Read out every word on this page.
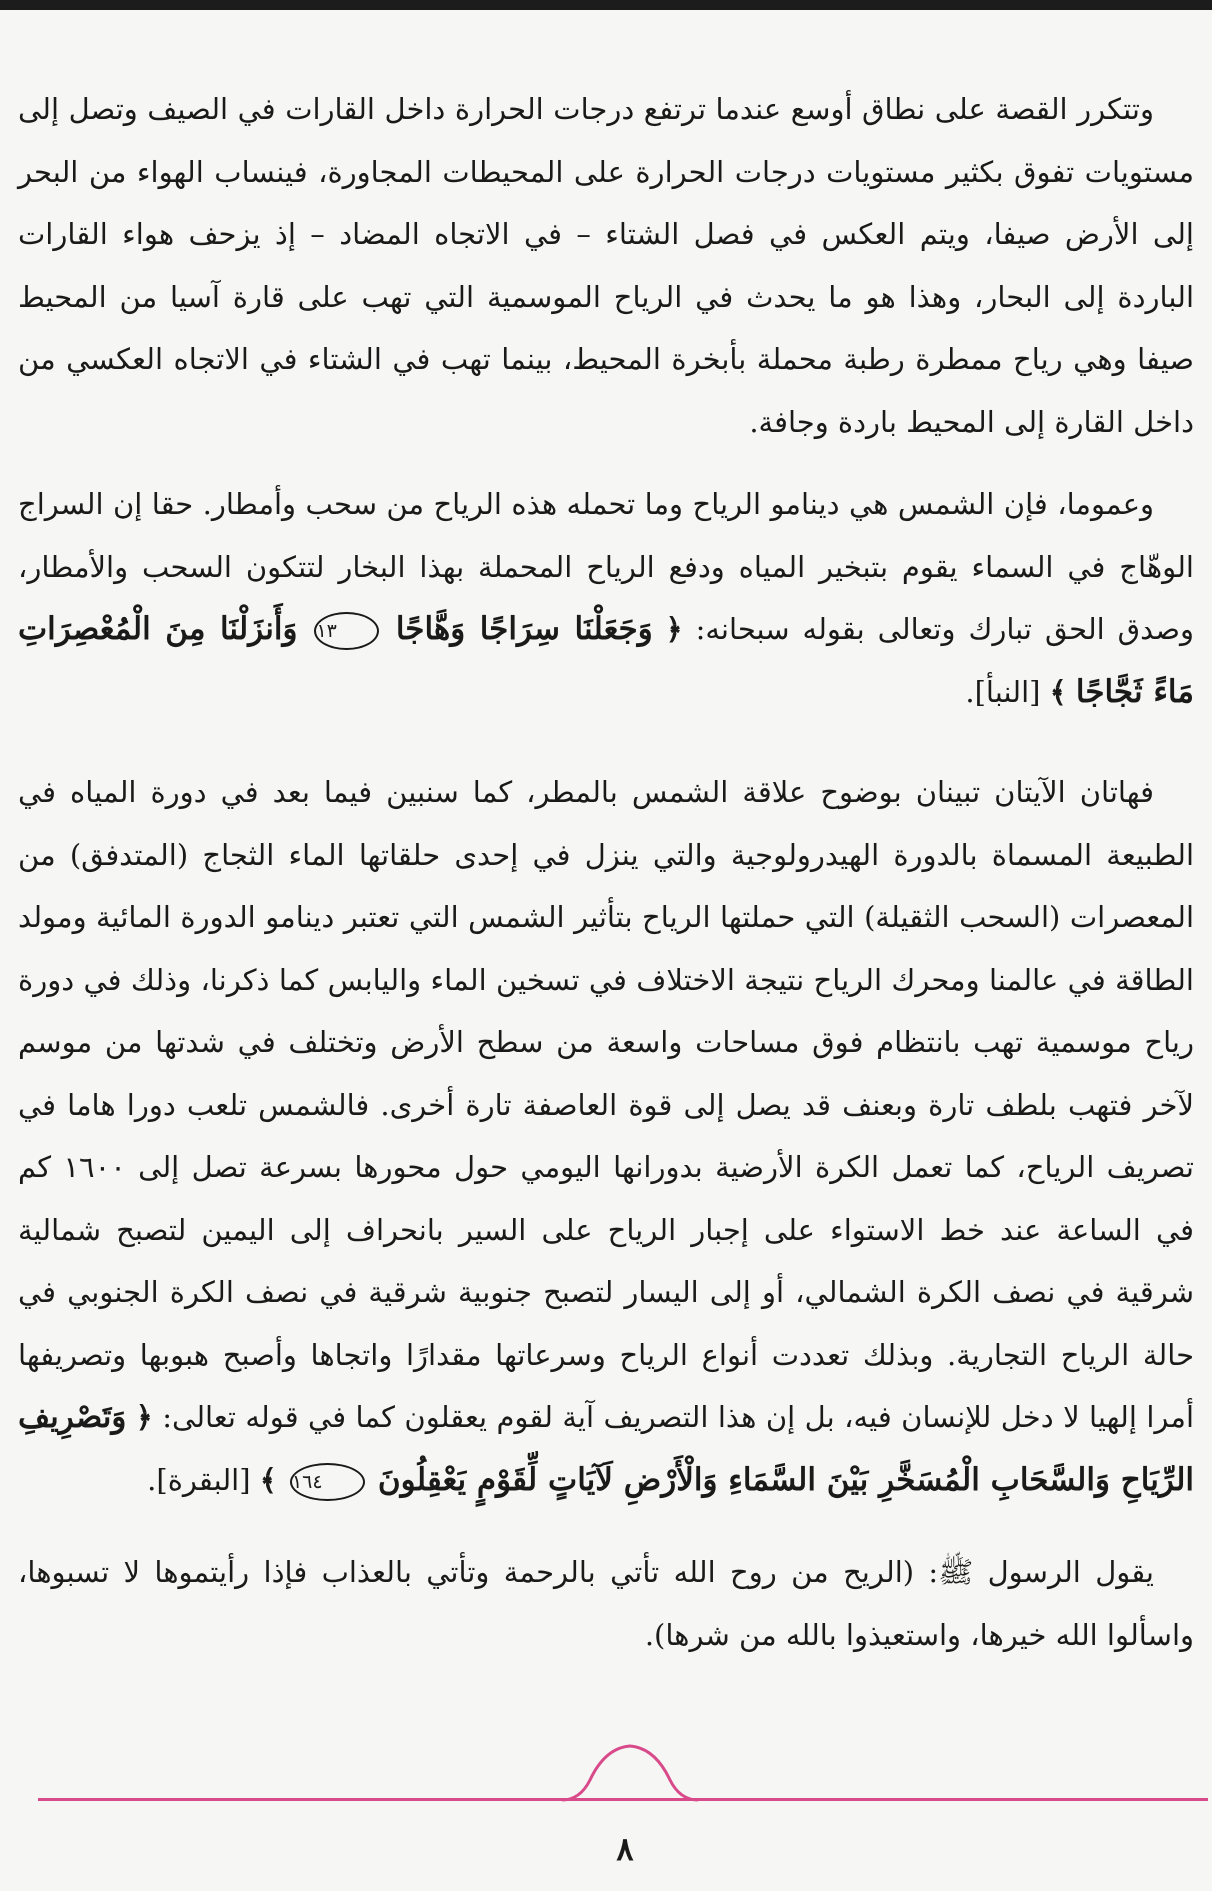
وتتكرر القصة على نطاق أوسع عندما ترتفع درجات الحرارة داخل القارات في الصيف وتصل إلى مستويات تفوق بكثير مستويات درجات الحرارة على المحيطات المجاورة، فينساب الهواء من البحر إلى الأرض صيفا، ويتم العكس في فصل الشتاء – في الاتجاه المضاد – إذ يزحف هواء القارات الباردة إلى البحار، وهذا هو ما يحدث في الرياح الموسمية التي تهب على قارة آسيا من المحيط صيفا وهي رياح ممطرة رطبة محملة بأبخرة المحيط، بينما تهب في الشتاء في الاتجاه العكسي من داخل القارة إلى المحيط باردة وجافة.

وعموما، فإن الشمس هي دينامو الرياح وما تحمله هذه الرياح من سحب وأمطار. حقا إن السراج الوهّاج في السماء يقوم بتبخير المياه ودفع الرياح المحملة بهذا البخار لتتكون السحب والأمطار، وصدق الحق تبارك وتعالى بقوله سبحانه: ﴿ وَجَعَلْنَا سِرَاجًا وَهَّاجًا ١٣ وَأَنزَلْنَا مِنَ الْمُعْصِرَاتِ مَاءً ثَجَّاجًا ﴾ [النبأ].

فهاتان الآيتان تبينان بوضوح علاقة الشمس بالمطر، كما سنبين فيما بعد في دورة المياه في الطبيعة المسماة بالدورة الهيدرولوجية والتي ينزل في إحدى حلقاتها الماء الثجاج (المتدفق) من المعصرات (السحب الثقيلة) التي حملتها الرياح بتأثير الشمس التي تعتبر دينامو الدورة المائية ومولد الطاقة في عالمنا ومحرك الرياح نتيجة الاختلاف في تسخين الماء واليابس كما ذكرنا، وذلك في دورة رياح موسمية تهب بانتظام فوق مساحات واسعة من سطح الأرض وتختلف في شدتها من موسم لآخر فتهب بلطف تارة وبعنف قد يصل إلى قوة العاصفة تارة أخرى. فالشمس تلعب دورا هاما في تصريف الرياح، كما تعمل الكرة الأرضية بدورانها اليومي حول محورها بسرعة تصل إلى ١٦٠٠ كم في الساعة عند خط الاستواء على إجبار الرياح على السير بانحراف إلى اليمين لتصبح شمالية شرقية في نصف الكرة الشمالي، أو إلى اليسار لتصبح جنوبية شرقية في نصف الكرة الجنوبي في حالة الرياح التجارية. وبذلك تعددت أنواع الرياح وسرعاتها مقدارًا واتجاها وأصبح هبوبها وتصريفها أمرا إلهيا لا دخل للإنسان فيه، بل إن هذا التصريف آية لقوم يعقلون كما في قوله تعالى: ﴿ وَتَصْرِيفِ الرِّيَاحِ وَالسَّحَابِ الْمُسَخَّرِ بَيْنَ السَّمَاءِ وَالْأَرْضِ لَآيَاتٍ لِّقَوْمٍ يَعْقِلُونَ ١٦٤ ﴾ [البقرة].

يقول الرسول ﷺ: (الريح من روح الله تأتي بالرحمة وتأتي بالعذاب فإذا رأيتموها لا تسبوها، واسألوا الله خيرها، واستعيذوا بالله من شرها).

٨
